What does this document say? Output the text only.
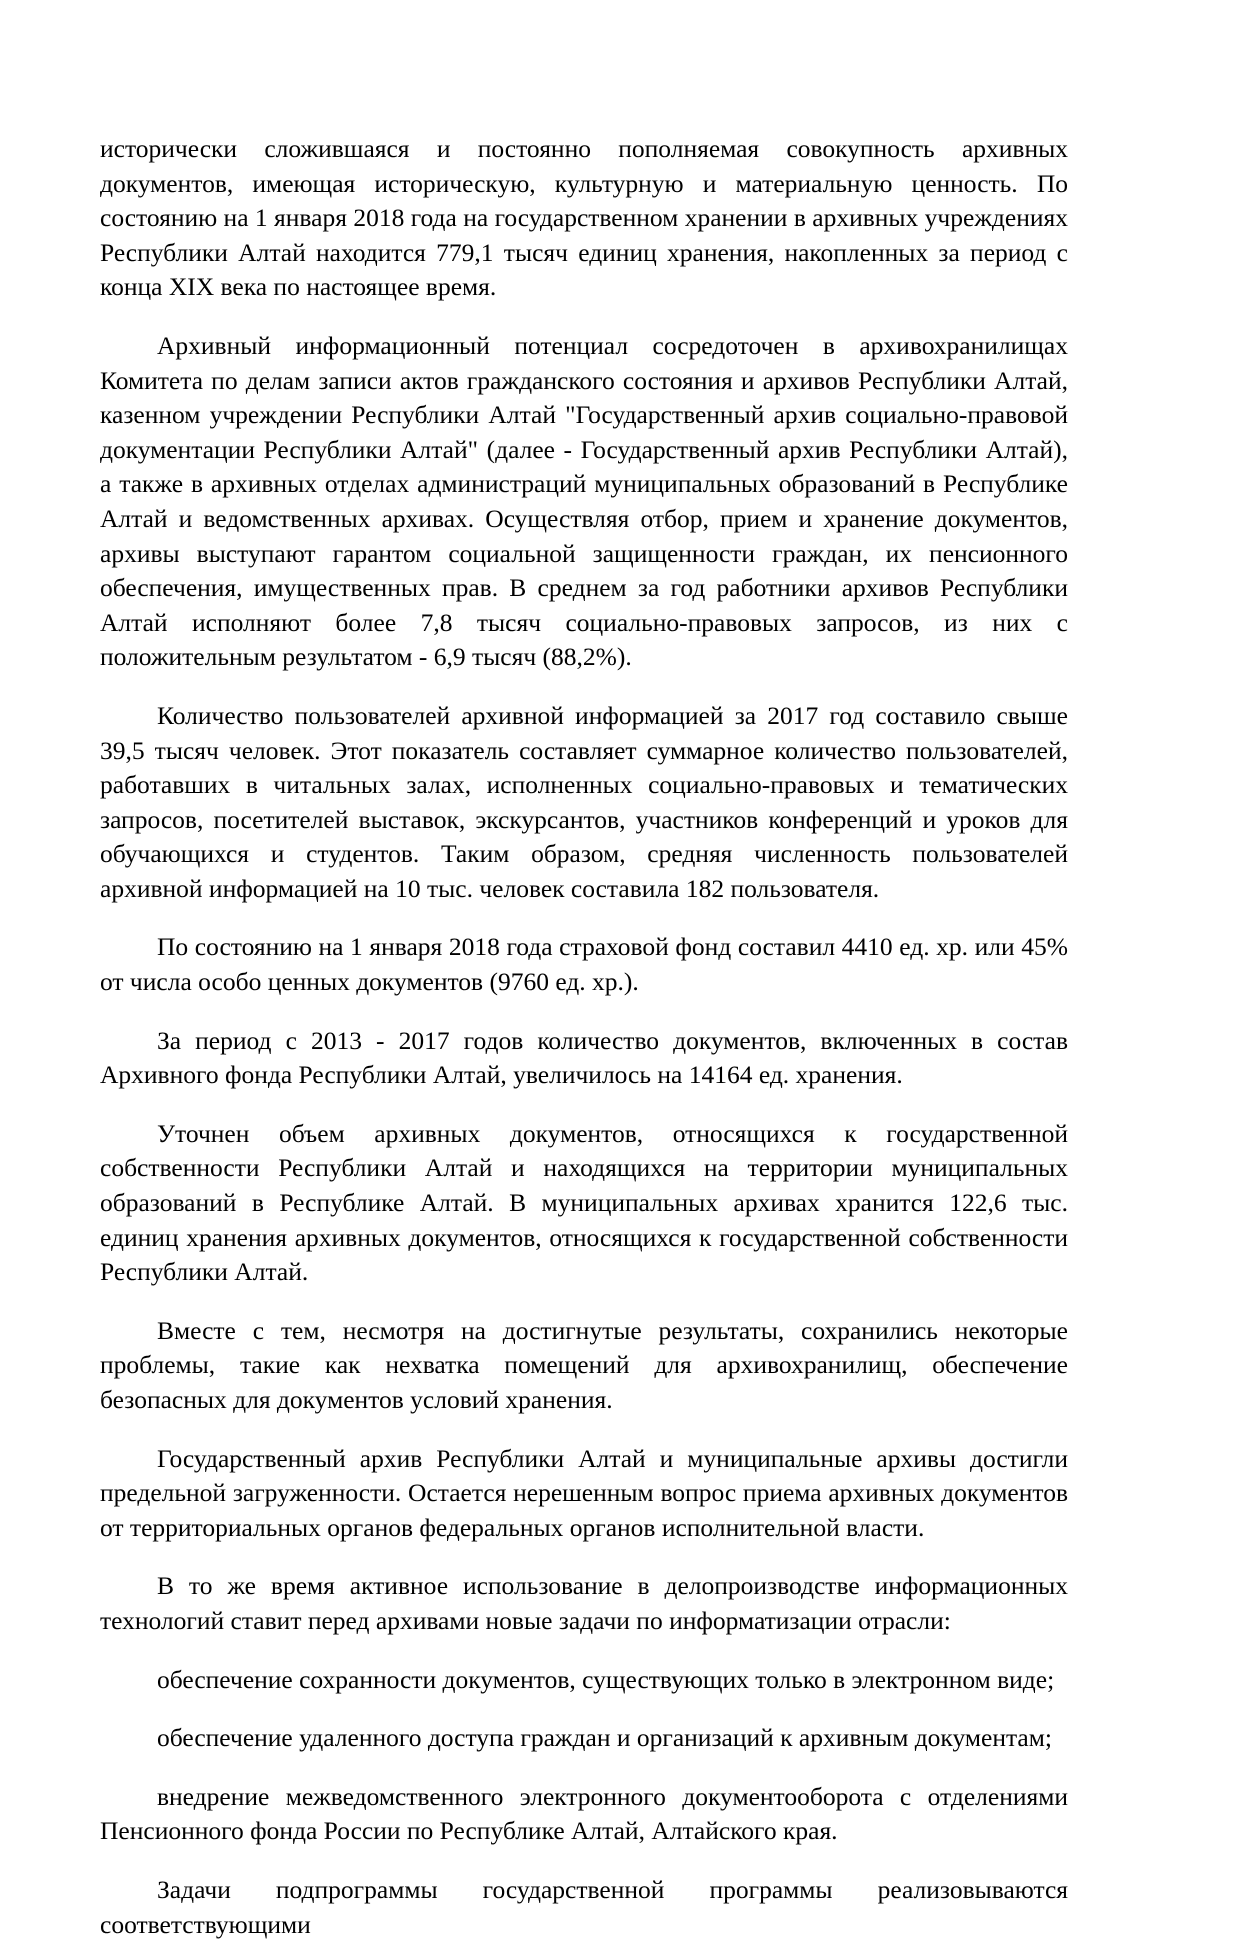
исторически сложившаяся и постоянно пополняемая совокупность архивных документов, имеющая историческую, культурную и материальную ценность. По состоянию на 1 января 2018 года на государственном хранении в архивных учреждениях Республики Алтай находится 779,1 тысяч единиц хранения, накопленных за период с конца XIX века по настоящее время.

Архивный информационный потенциал сосредоточен в архивохранилищах Комитета по делам записи актов гражданского состояния и архивов Республики Алтай, казенном учреждении Республики Алтай "Государственный архив социально-правовой документации Республики Алтай" (далее - Государственный архив Республики Алтай), а также в архивных отделах администраций муниципальных образований в Республике Алтай и ведомственных архивах. Осуществляя отбор, прием и хранение документов, архивы выступают гарантом социальной защищенности граждан, их пенсионного обеспечения, имущественных прав. В среднем за год работники архивов Республики Алтай исполняют более 7,8 тысяч социально-правовых запросов, из них с положительным результатом - 6,9 тысяч (88,2%).

Количество пользователей архивной информацией за 2017 год составило свыше 39,5 тысяч человек. Этот показатель составляет суммарное количество пользователей, работавших в читальных залах, исполненных социально-правовых и тематических запросов, посетителей выставок, экскурсантов, участников конференций и уроков для обучающихся и студентов. Таким образом, средняя численность пользователей архивной информацией на 10 тыс. человек составила 182 пользователя.

По состоянию на 1 января 2018 года страховой фонд составил 4410 ед. хр. или 45% от числа особо ценных документов (9760 ед. хр.).

За период с 2013 - 2017 годов количество документов, включенных в состав Архивного фонда Республики Алтай, увеличилось на 14164 ед. хранения.

Уточнен объем архивных документов, относящихся к государственной собственности Республики Алтай и находящихся на территории муниципальных образований в Республике Алтай. В муниципальных архивах хранится 122,6 тыс. единиц хранения архивных документов, относящихся к государственной собственности Республики Алтай.

Вместе с тем, несмотря на достигнутые результаты, сохранились некоторые проблемы, такие как нехватка помещений для архивохранилищ, обеспечение безопасных для документов условий хранения.

Государственный архив Республики Алтай и муниципальные архивы достигли предельной загруженности. Остается нерешенным вопрос приема архивных документов от территориальных органов федеральных органов исполнительной власти.

В то же время активное использование в делопроизводстве информационных технологий ставит перед архивами новые задачи по информатизации отрасли:

обеспечение сохранности документов, существующих только в электронном виде;

обеспечение удаленного доступа граждан и организаций к архивным документам;

внедрение межведомственного электронного документооборота с отделениями Пенсионного фонда России по Республике Алтай, Алтайского края.

Задачи подпрограммы государственной программы реализовываются соответствующими
